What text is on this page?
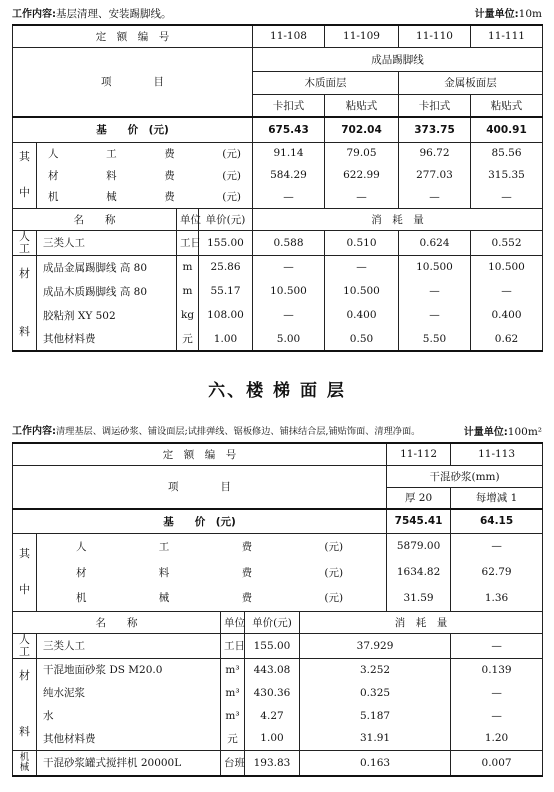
工作内容:基层清理、安装踢脚线。	计量单位:10m
定　额　编　号				11-108	11-109	11-110	11-111
项　　　　目				成品踢脚线			
				木质面层		金属板面层	
				卡扣式	粘贴式	卡扣式	粘贴式
基　　价　(元)				675.43	702.04	373.75	400.91

其
中	人 工 费 (元)			91.14	79.05	96.72	85.56

	材 料 费 (元)			584.29	622.99	277.03	315.35

	机 械 费 (元)			—	—	—	—
名　　称		单位	单价(元)	消　耗　量			

人
工	三类人工	工日	155.00	0.588	0.510	0.624	0.552

材
料	成品金属踢脚线 高 80	m	25.86	—	—	10.500	10.500
	成品木质踢脚线 高 80	m	55.17	10.500	10.500	—	—
	胶粘剂 XY 502	kg	108.00	—	0.400	—	0.400
	其他材料费	元	1.00	5.00	0.50	5.50	0.62
六、楼 梯 面 层
工作内容:清理基层、调运砂浆、铺设面层;试排弹线、锯板修边、铺抹结合层,铺贴饰面、清理净面。	计量单位:100m²
定　额　编　号					11-112	11-113
项　　　　目					干混砂浆(mm)	
					厚 20	每增减 1
基　　价　(元)					7545.41	64.15

其
中	人 工 费 (元)				5879.00	—

	材 料 费 (元)				1634.82	62.79

	机 械 费 (元)				31.59	1.36
名　　称		单位	单价(元)	消　耗　量		

人
工	三类人工	工日	155.00	37.929		—

材
料	干混地面砂浆 DS M20.0	m³	443.08	3.252		0.139
	纯水泥浆	m³	430.36	0.325		—
	水	m³	4.27	5.187		—
	其他材料费	元	1.00	31.91		1.20

机
械	干混砂浆罐式搅拌机 20000L	台班	193.83	0.163		0.007
